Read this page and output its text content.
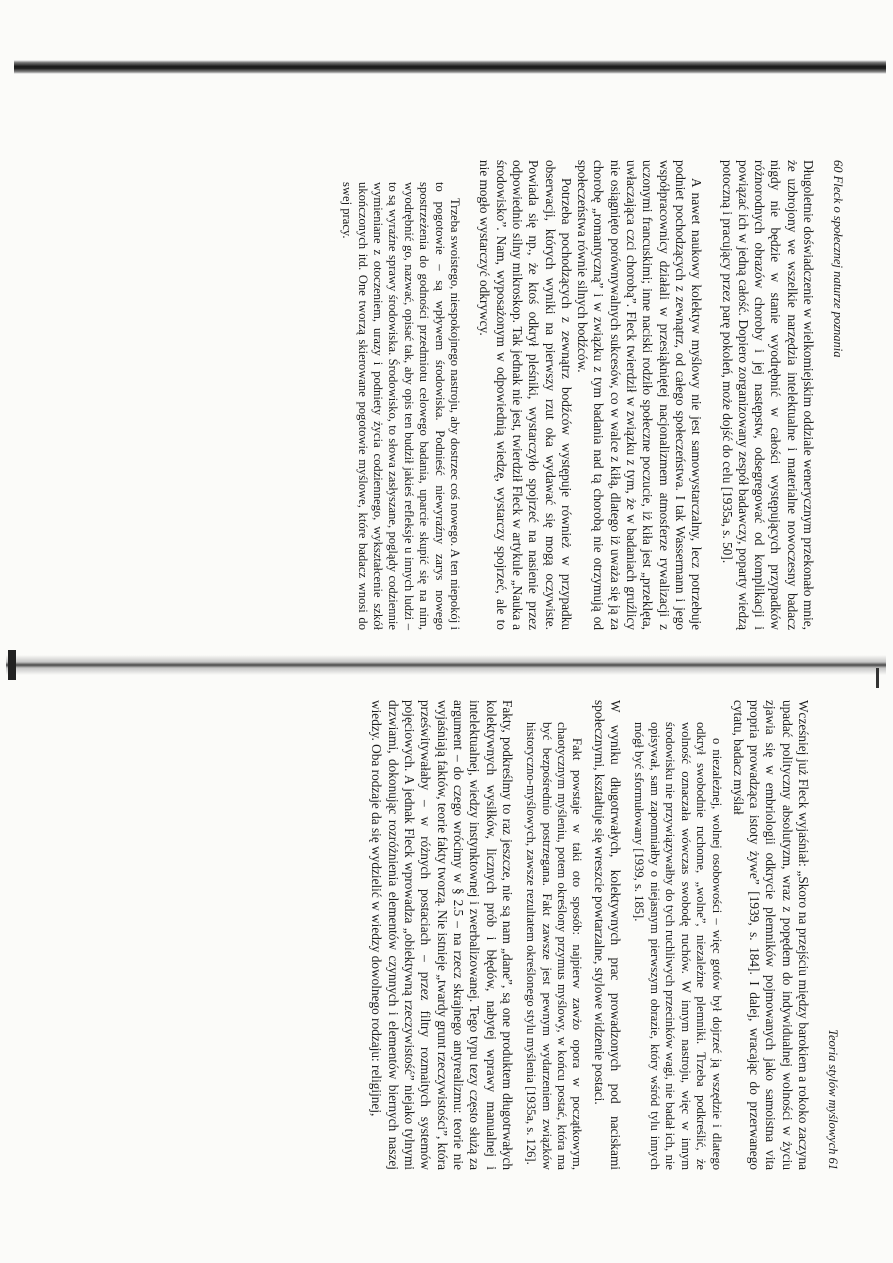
60 Fleck o społecznej naturze poznania

Długoletnie doświadczenie w wielkomiejskim oddziale wenerycznym przekonało mnie, że uzbrojony we wszelkie narzędzia intelektualne i materialne nowoczesny badacz nigdy nie będzie w stanie wyodrębnić w całości występujących przypadków różnorodnych obrazów choroby i jej następstw, odsegregować od komplikacji i powiązać ich w jedną całość. Dopiero zorganizowany zespół badawczy, poparty wiedzą potoczną i pracujący przez parę pokoleń, może dojść do celu [1935a, s. 50].

A nawet naukowy kolektyw myślowy nie jest samowystarczalny, lecz potrzebuje podniet pochodzących z zewnątrz, od całego społeczeństwa. I tak Wassermann i jego współpracownicy działali w przesiąkniętej nacjonalizmem atmosferze rywalizacji z uczonymi francuskimi; inne naciski rodziło społeczne poczucie, iż kiła jest „przeklęta, uwłaczająca czci chorobą”. Fleck twierdził w związku z tym, że w badaniach gruźlicy nie osiągnięto porównywalnych sukcesów, co w walce z kiłą, dlatego iż uważa się ją za chorobę „romantyczną” i w związku z tym badania nad tą chorobą nie otrzymują od społeczeństwa równie silnych bodźców.

Potrzeba pochodzących z zewnątrz bodźców występuje również w przypadku obserwacji, których wyniki na pierwszy rzut oka wydawać się mogą oczywiste. Powiada się np., że ktoś odkrył pleśniki, wystarczyło spojrzeć na nasienie przez odpowiednio silny mikroskop. Tak jednak nie jest, twierdził Fleck w artykule „Nauka a środowisko”. Nam, wyposażonym w odpowiednią wiedzę, wystarczy spojrzeć, ale to nie mogło wystarczyć odkrywcy.

Trzeba swoistego, niespokojnego nastroju, aby dostrzec coś nowego. A ten niepokój i to pogotowie – są wpływem środowiska. Podnieść niewyraźny zarys nowego spostrzeżenia do godności przedmiotu celowego badania, uparcie skupić się na nim, wyodrębnić go, nazwać, opisać tak, aby opis ten budził jakieś refleksje u innych ludzi – to są wyraźne sprawy środowiska. Środowisko, to słowa zasłyszane, poglądy codziennie wymieniane z otoczeniem, urazy i podniety życia codziennego, wykształcenie szkół ukończonych itd. One tworzą skierowane pogotowie myślowe, które badacz wnosi do swej pracy.
Teoria stylów myślowych 61

Wcześniej już Fleck wyjaśniał: „Skoro na przejściu między barokiem a rokoko zaczyna upadać polityczny absolutyzm, wraz z popędem do indywidualnej wolności w życiu zjawia się w embriologii odkrycie plemników pojmowanych jako samoistna vita propria prowadząca istoty żywe” [1939, s. 184]. I dalej, wracając do przerwanego cytatu, badacz myślał

o niezależnej, wolnej osobowości – więc gotów był dojrzeć ją wszędzie i dlatego odkrył swobodnie ruchome, „wolne”, niezależne plemniki. Trzeba podkreślić, że wolność oznaczała wówczas swobodę ruchów. W innym nastroju, więc w innym środowisku nie przywiązywałby do tych ruchliwych przecinków wagi, nie badał ich, nie opisywał, sam zapomniałby o niejasnym pierwszym obrazie, który wśród tylu innych mógł być sformułowany [1939, s. 185].

W wyniku długotrwałych, kolektywnych prac prowadzonych pod naciskami społecznymi, kształtuje się wreszcie powtarzalne, stylowe widzenie postaci.

Fakt powstaje w taki oto sposób: najpierw zawżo opora w początkowym, chaotycznym myśleniu, potem określony przymus myślowy, w końcu postać, która ma być bezpośrednio postrzegana. Fakt zawsze jest pewnym wydarzeniem związków historyczno-myślowych, zawsze rezultatem określonego stylu myślenia [1935a, s. 126].

Fakty, podkreślmy to raz jeszcze, nie są nam „dane”, są one produktem długotrwałych kolektywnych wysiłków, licznych prób i błędów, nabytej wprawy manualnej i intelektualnej, wiedzy instynktownej i zwerbalizowanej. Tego typu tezy często służą za argument – do czego wrócimy w § 2.5 – na rzecz skrajnego antyrealizmu: teorie nie wyjaśniają faktów, teorie fakty tworzą. Nie istnieje „twardy grunt rzeczywistości”, która prześwitywałaby – w różnych postaciach – przez filtry rozmaitych systemów pojęciowych. A jednak Fleck wprowadza „obiektywną rzeczywistość” niejako tylnymi drzwiami, dokonując rozróżnienia elementów czynnych i elementów biernych naszej wiedzy. Oba rodzaje da się wydzielić w wiedzy dowolnego rodzaju: religijnej,
